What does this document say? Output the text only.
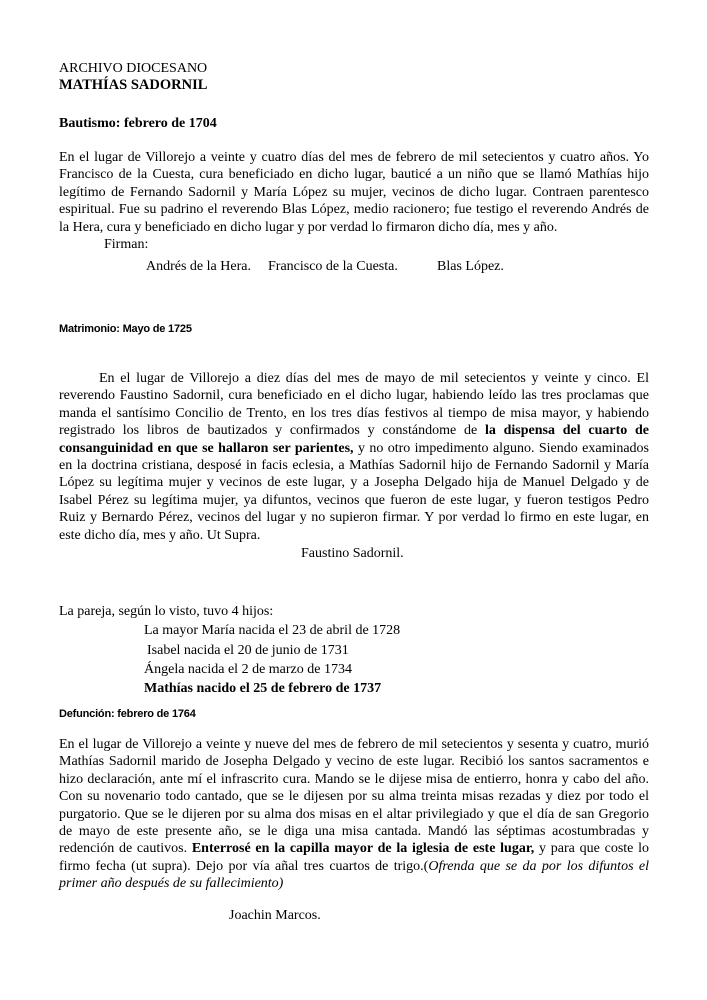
ARCHIVO DIOCESANO
MATHÍAS SADORNIL
Bautismo: febrero de 1704

En el lugar de Villorejo a veinte y cuatro días del mes de febrero de mil setecientos y cuatro años. Yo Francisco de la Cuesta, cura beneficiado en dicho lugar, bauticé a un niño que se llamó Mathías hijo legítimo de Fernando Sadornil y María López su mujer, vecinos de dicho lugar. Contraen parentesco espiritual. Fue su padrino el reverendo Blas López, medio racionero; fue testigo el reverendo Andrés de la Hera, cura y beneficiado en dicho lugar y por verdad lo firmaron dicho día, mes y año.

Firman:
Andrés de la Hera. Francisco de la Cuesta.	Blas López.
Matrimonio: Mayo de 1725

En el lugar de Villorejo a diez días del mes de mayo de mil setecientos y veinte y cinco. El reverendo Faustino Sadornil, cura beneficiado en el dicho lugar, habiendo leído las tres proclamas que manda el santísimo Concilio de Trento, en los tres días festivos al tiempo de misa mayor, y habiendo registrado los libros de bautizados y confirmados y constándome de la dispensa del cuarto de consanguinidad en que se hallaron ser parientes, y no otro impedimento alguno. Siendo examinados en la doctrina cristiana, desposé in facis eclesia, a Mathías Sadornil hijo de Fernando Sadornil y María López su legítima mujer y vecinos de este lugar, y a Josepha Delgado hija de Manuel Delgado y de Isabel Pérez su legítima mujer, ya difuntos, vecinos que fueron de este lugar, y fueron testigos Pedro Ruiz y Bernardo Pérez, vecinos del lugar y no supieron firmar. Y por verdad lo firmo en este lugar, en este dicho día, mes y año. Ut Supra.

Faustino Sadornil.
La pareja, según lo visto, tuvo 4 hijos:
La mayor María nacida el 23 de abril de 1728
Isabel nacida el 20 de junio de 1731
Ángela nacida el 2 de marzo de 1734
Mathías nacido el 25 de febrero de 1737
Defunción: febrero de 1764

En el lugar de Villorejo a veinte y nueve del mes de febrero de mil setecientos y sesenta y cuatro, murió Mathías Sadornil marido de Josepha Delgado y vecino de este lugar. Recibió los santos sacramentos e hizo declaración, ante mí el infrascrito cura. Mando se le dijese misa de entierro, honra y cabo del año. Con su novenario todo cantado, que se le dijesen por su alma treinta misas rezadas y diez por todo el purgatorio. Que se le dijeren por su alma dos misas en el altar privilegiado y que el día de san Gregorio de mayo de este presente año, se le diga una misa cantada. Mandó las séptimas acostumbradas y redención de cautivos. Enterrosé en la capilla mayor de la iglesia de este lugar, y para que coste lo firmo fecha (ut supra). Dejo por vía añal tres cuartos de trigo.(Ofrenda que se da por los difuntos el primer año después de su fallecimiento)

Joachin Marcos.
